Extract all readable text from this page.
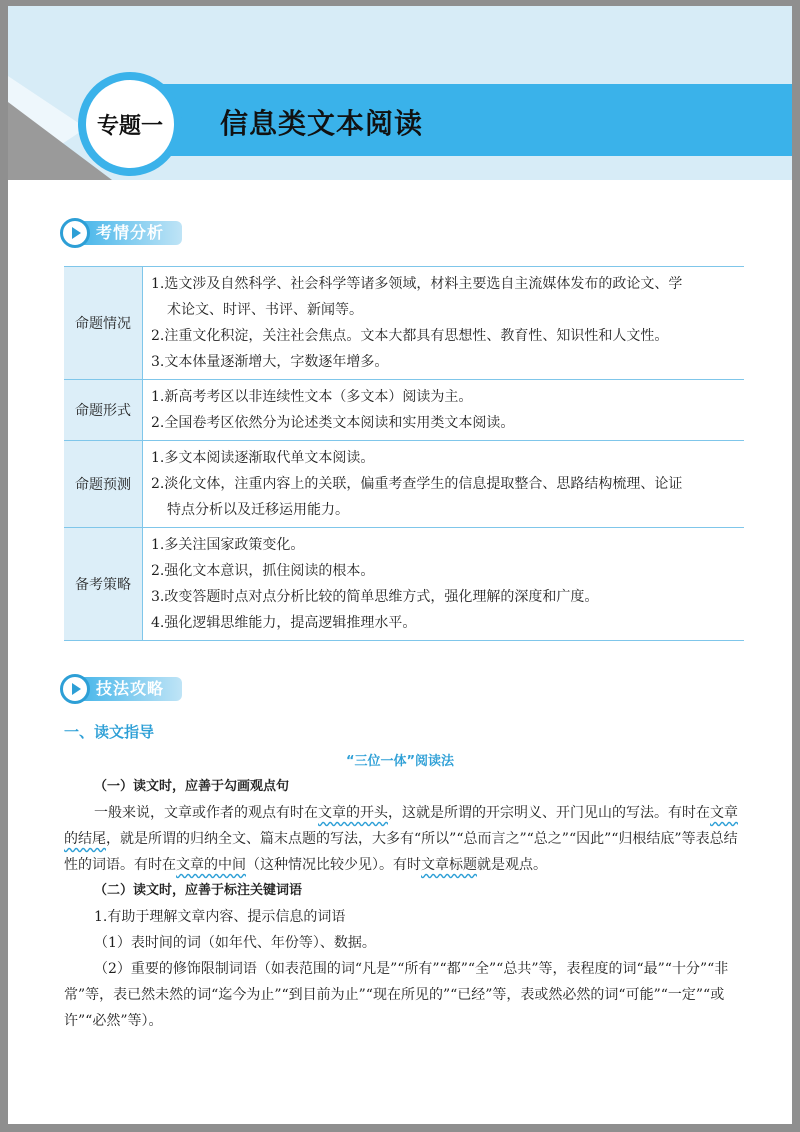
专题一	信息类文本阅读
考情分析
命题情况

1.选文涉及自然科学、社会科学等诸多领域，材料主要选自主流媒体发布的政论文、学

术论文、时评、书评、新闻等。

2.注重文化积淀，关注社会焦点。文本大都具有思想性、教育性、知识性和人文性。

3.文本体量逐渐增大，字数逐年增多。

命题形式

1.新高考考区以非连续性文本（多文本）阅读为主。

2.全国卷考区依然分为论述类文本阅读和实用类文本阅读。

命题预测

1.多文本阅读逐渐取代单文本阅读。

2.淡化文体，注重内容上的关联，偏重考查学生的信息提取整合、思路结构梳理、论证

特点分析以及迁移运用能力。

备考策略

1.多关注国家政策变化。

2.强化文本意识，抓住阅读的根本。

3.改变答题时点对点分析比较的简单思维方式，强化理解的深度和广度。

4.强化逻辑思维能力，提高逻辑推理水平。

技法攻略
一、读文指导
“三位一体”阅读法

（一）读文时，应善于勾画观点句

一般来说，文章或作者的观点有时在文章的开头，这就是所谓的开宗明义、开门见山的写法。有时在文章的结尾，就是所谓的归纳全文、篇末点题的写法，大多有“所以”“总而言之”“总之”“因此”“归根结底”等表总结性的词语。有时在文章的中间（这种情况比较少见）。有时文章标题就是观点。

（二）读文时，应善于标注关键词语

1.有助于理解文章内容、提示信息的词语

（1）表时间的词（如年代、年份等）、数据。

（2）重要的修饰限制词语（如表范围的词“凡是”“所有”“都”“全”“总共”等，表程度的词“最”“十分”“非常”等，表已然未然的词“迄今为止”“到目前为止”“现在所见的”“已经”等，表或然必然的词“可能”“一定”“或许”“必然”等）。
